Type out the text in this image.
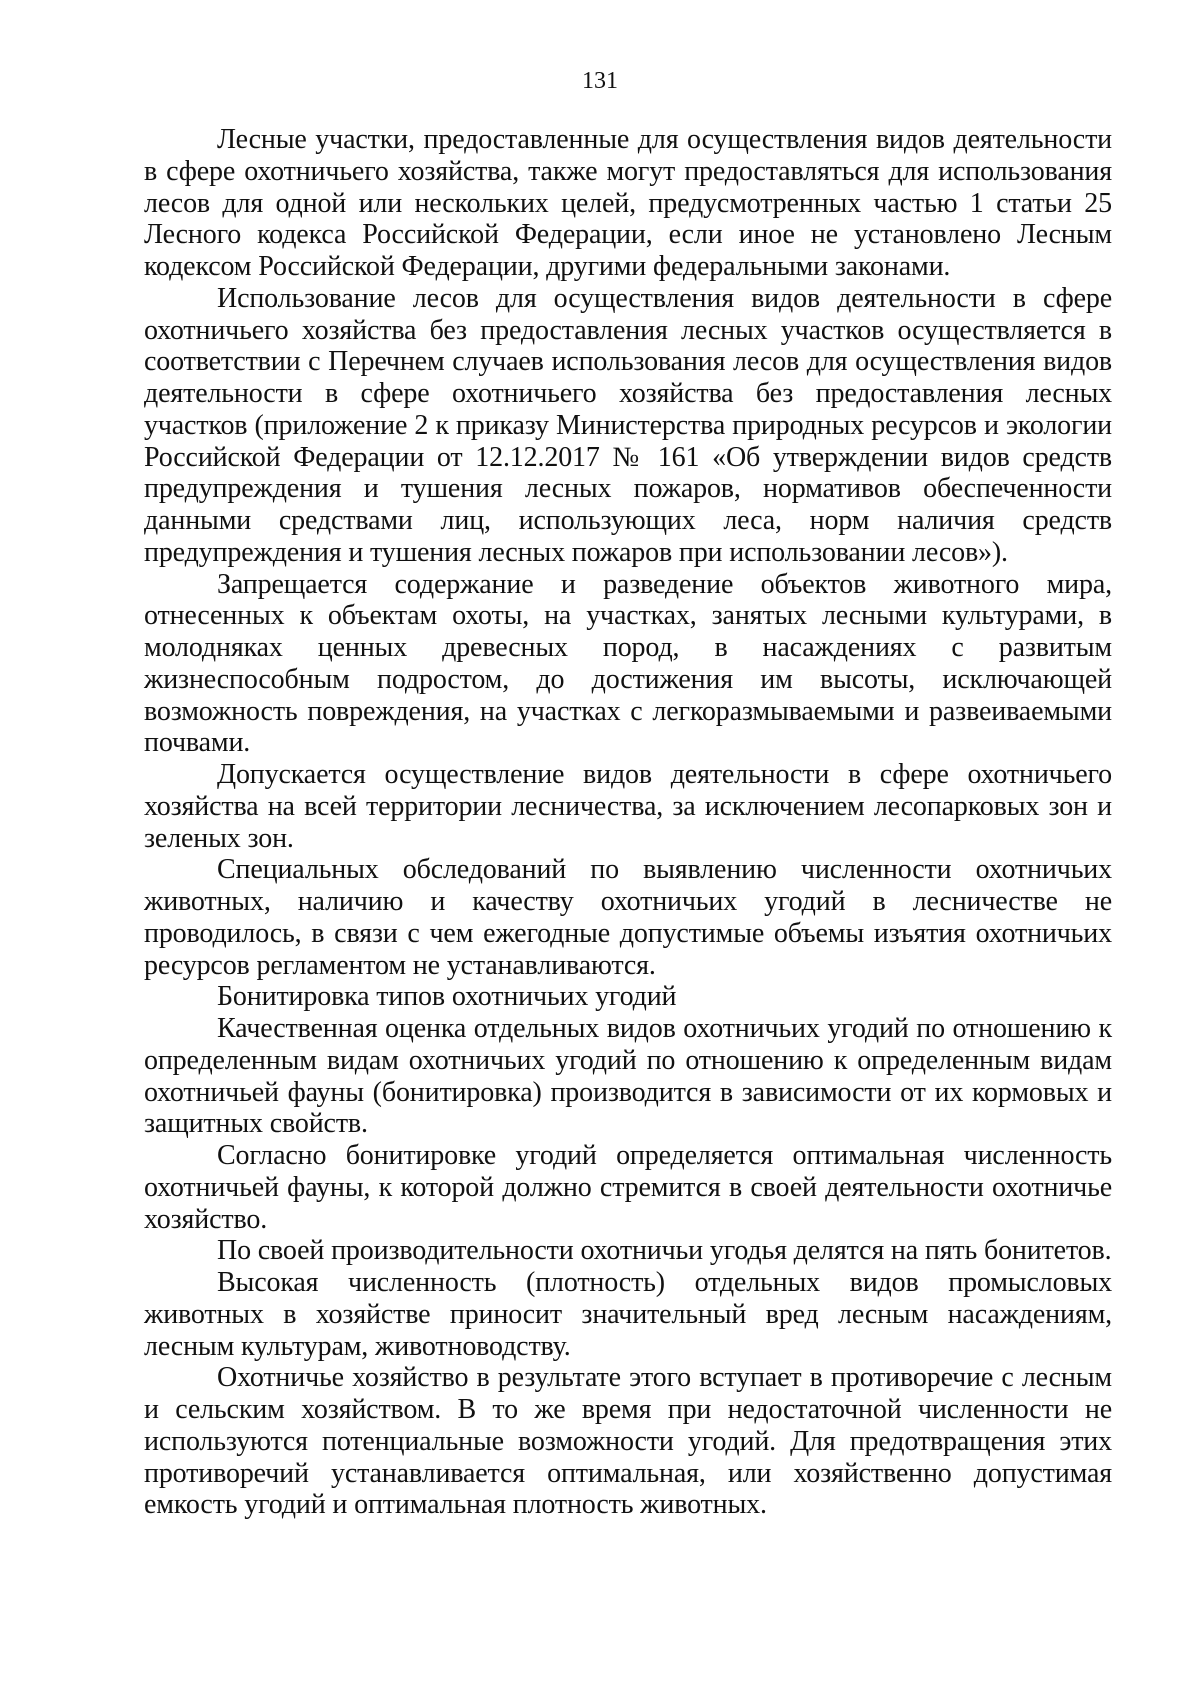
131

Лесные участки, предоставленные для осуществления видов деятельности в сфере охотничьего хозяйства, также могут предоставляться для использования лесов для одной или нескольких целей, предусмотренных частью 1 статьи 25 Лесного кодекса Российской Федерации, если иное не установлено Лесным кодексом Российской Федерации, другими федеральными законами.

Использование лесов для осуществления видов деятельности в сфере охотничьего хозяйства без предоставления лесных участков осуществляется в соответствии с Перечнем случаев использования лесов для осуществления видов деятельности в сфере охотничьего хозяйства без предоставления лесных участков (приложение 2 к приказу Министерства природных ресурсов и экологии Российской Федерации от 12.12.2017 № 161 «Об утверждении видов средств предупреждения и тушения лесных пожаров, нормативов обеспеченности данными средствами лиц, использующих леса, норм наличия средств предупреждения и тушения лесных пожаров при использовании лесов»).

Запрещается содержание и разведение объектов животного мира, отнесенных к объектам охоты, на участках, занятых лесными культурами, в молодняках ценных древесных пород, в насаждениях с развитым жизнеспособным подростом, до достижения им высоты, исключающей возможность повреждения, на участках с легкоразмываемыми и развеиваемыми почвами.

Допускается осуществление видов деятельности в сфере охотничьего хозяйства на всей территории лесничества, за исключением лесопарковых зон и зеленых зон.

Специальных обследований по выявлению численности охотничьих животных, наличию и качеству охотничьих угодий в лесничестве не проводилось, в связи с чем ежегодные допустимые объемы изъятия охотничьих ресурсов регламентом не устанавливаются.

Бонитировка типов охотничьих угодий

Качественная оценка отдельных видов охотничьих угодий по отношению к определенным видам охотничьих угодий по отношению к определенным видам охотничьей фауны (бонитировка) производится в зависимости от их кормовых и защитных свойств.

Согласно бонитировке угодий определяется оптимальная численность охотничьей фауны, к которой должно стремится в своей деятельности охотничье хозяйство.

По своей производительности охотничьи угодья делятся на пять бонитетов.

Высокая численность (плотность) отдельных видов промысловых животных в хозяйстве приносит значительный вред лесным насаждениям, лесным культурам, животноводству.

Охотничье хозяйство в результате этого вступает в противоречие с лесным и сельским хозяйством. В то же время при недостаточной численности не используются потенциальные возможности угодий. Для предотвращения этих противоречий устанавливается оптимальная, или хозяйственно допустимая емкость угодий и оптимальная плотность животных.
